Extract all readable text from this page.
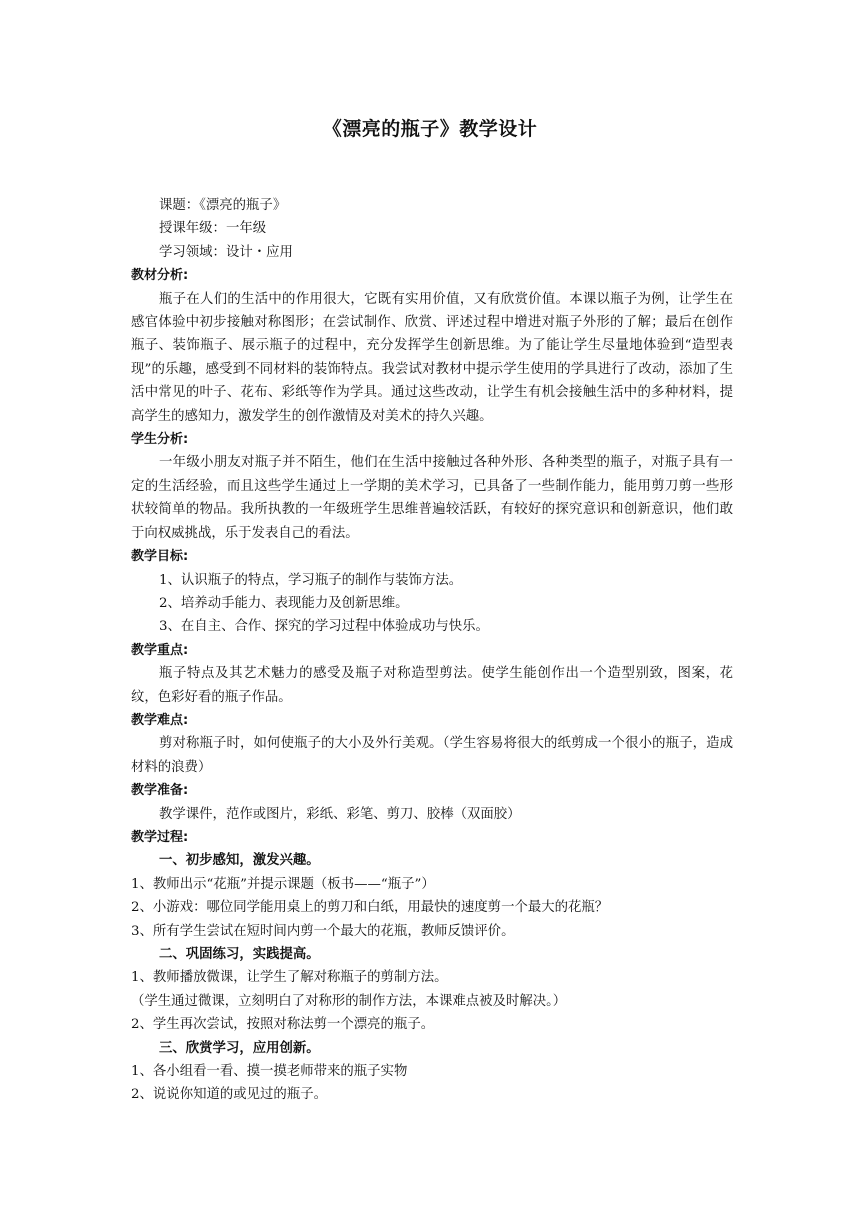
《漂亮的瓶子》教学设计

课题：《漂亮的瓶子》

授课年级：一年级

学习领域：设计・应用

教材分析:

瓶子在人们的生活中的作用很大，它既有实用价值，又有欣赏价值。本课以瓶子为例，让学生在感官体验中初步接触对称图形；在尝试制作、欣赏、评述过程中增进对瓶子外形的了解；最后在创作瓶子、装饰瓶子、展示瓶子的过程中，充分发挥学生创新思维。为了能让学生尽量地体验到“造型表现”的乐趣，感受到不同材料的装饰特点。我尝试对教材中提示学生使用的学具进行了改动，添加了生活中常见的叶子、花布、彩纸等作为学具。通过这些改动，让学生有机会接触生活中的多种材料，提高学生的感知力，激发学生的创作激情及对美术的持久兴趣。

学生分析:

一年级小朋友对瓶子并不陌生，他们在生活中接触过各种外形、各种类型的瓶子，对瓶子具有一定的生活经验，而且这些学生通过上一学期的美术学习，已具备了一些制作能力，能用剪刀剪一些形状较简单的物品。我所执教的一年级班学生思维普遍较活跃，有较好的探究意识和创新意识，他们敢于向权威挑战，乐于发表自己的看法。

教学目标:

1、认识瓶子的特点，学习瓶子的制作与装饰方法。

2、培养动手能力、表现能力及创新思维。

3、在自主、合作、探究的学习过程中体验成功与快乐。

教学重点:

瓶子特点及其艺术魅力的感受及瓶子对称造型剪法。使学生能创作出一个造型别致，图案，花纹，色彩好看的瓶子作品。

教学难点:

剪对称瓶子时，如何使瓶子的大小及外行美观。（学生容易将很大的纸剪成一个很小的瓶子，造成材料的浪费）

教学准备:

教学课件，范作或图片，彩纸、彩笔、剪刀、胶棒（双面胶）

教学过程:

一、初步感知，激发兴趣。

1、教师出示“花瓶”并提示课题（板书——“瓶子”）

2、小游戏：哪位同学能用桌上的剪刀和白纸，用最快的速度剪一个最大的花瓶？

3、所有学生尝试在短时间内剪一个最大的花瓶，教师反馈评价。

二、巩固练习，实践提高。

1、教师播放微课，让学生了解对称瓶子的剪制方法。

（学生通过微课，立刻明白了对称形的制作方法，本课难点被及时解决。）

2、学生再次尝试，按照对称法剪一个漂亮的瓶子。

三、欣赏学习，应用创新。

1、各小组看一看、摸一摸老师带来的瓶子实物

2、说说你知道的或见过的瓶子。
